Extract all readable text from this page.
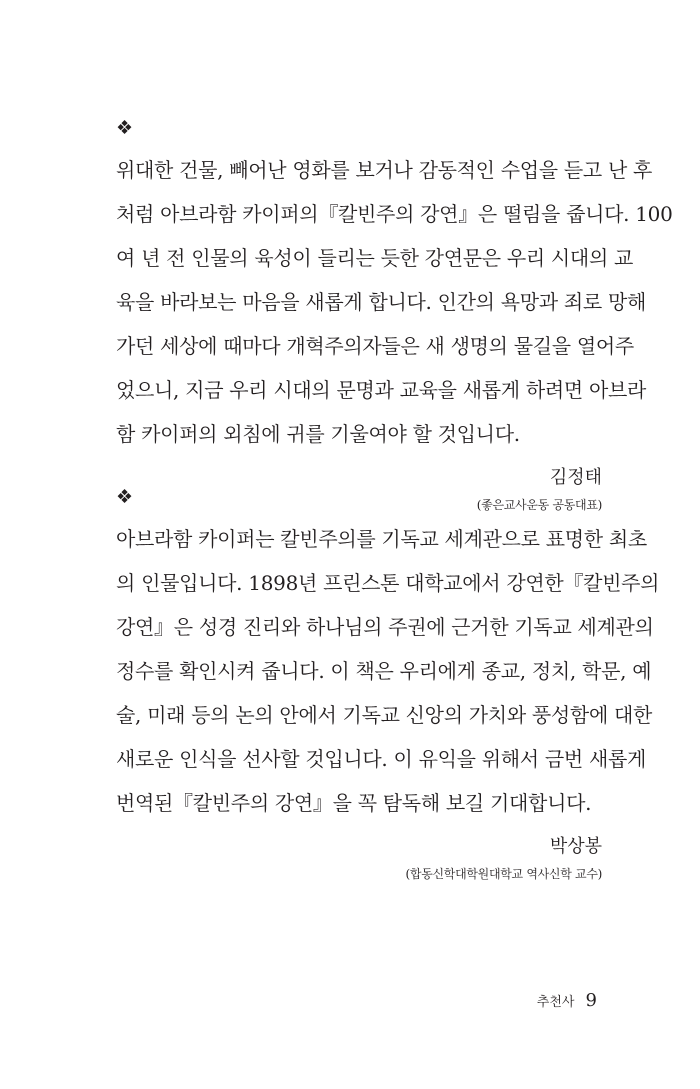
❖
위대한 건물, 빼어난 영화를 보거나 감동적인 수업을 듣고 난 후
처럼 아브라함 카이퍼의『칼빈주의 강연』은 떨림을 줍니다. 100
여 년 전 인물의 육성이 들리는 듯한 강연문은 우리 시대의 교
육을 바라보는 마음을 새롭게 합니다. 인간의 욕망과 죄로 망해
가던 세상에 때마다 개혁주의자들은 새 생명의 물길을 열어주
었으니, 지금 우리 시대의 문명과 교육을 새롭게 하려면 아브라
함 카이퍼의 외침에 귀를 기울여야 할 것입니다.
김정태
(좋은교사운동 공동대표)
❖
아브라함 카이퍼는 칼빈주의를 기독교 세계관으로 표명한 최초
의 인물입니다. 1898년 프린스톤 대학교에서 강연한『칼빈주의
강연』은 성경 진리와 하나님의 주권에 근거한 기독교 세계관의
정수를 확인시켜 줍니다. 이 책은 우리에게 종교, 정치, 학문, 예
술, 미래 등의 논의 안에서 기독교 신앙의 가치와 풍성함에 대한
새로운 인식을 선사할 것입니다. 이 유익을 위해서 금번 새롭게
번역된『칼빈주의 강연』을 꼭 탐독해 보길 기대합니다.
박상봉
(합동신학대학원대학교 역사신학 교수)
추천사 9
